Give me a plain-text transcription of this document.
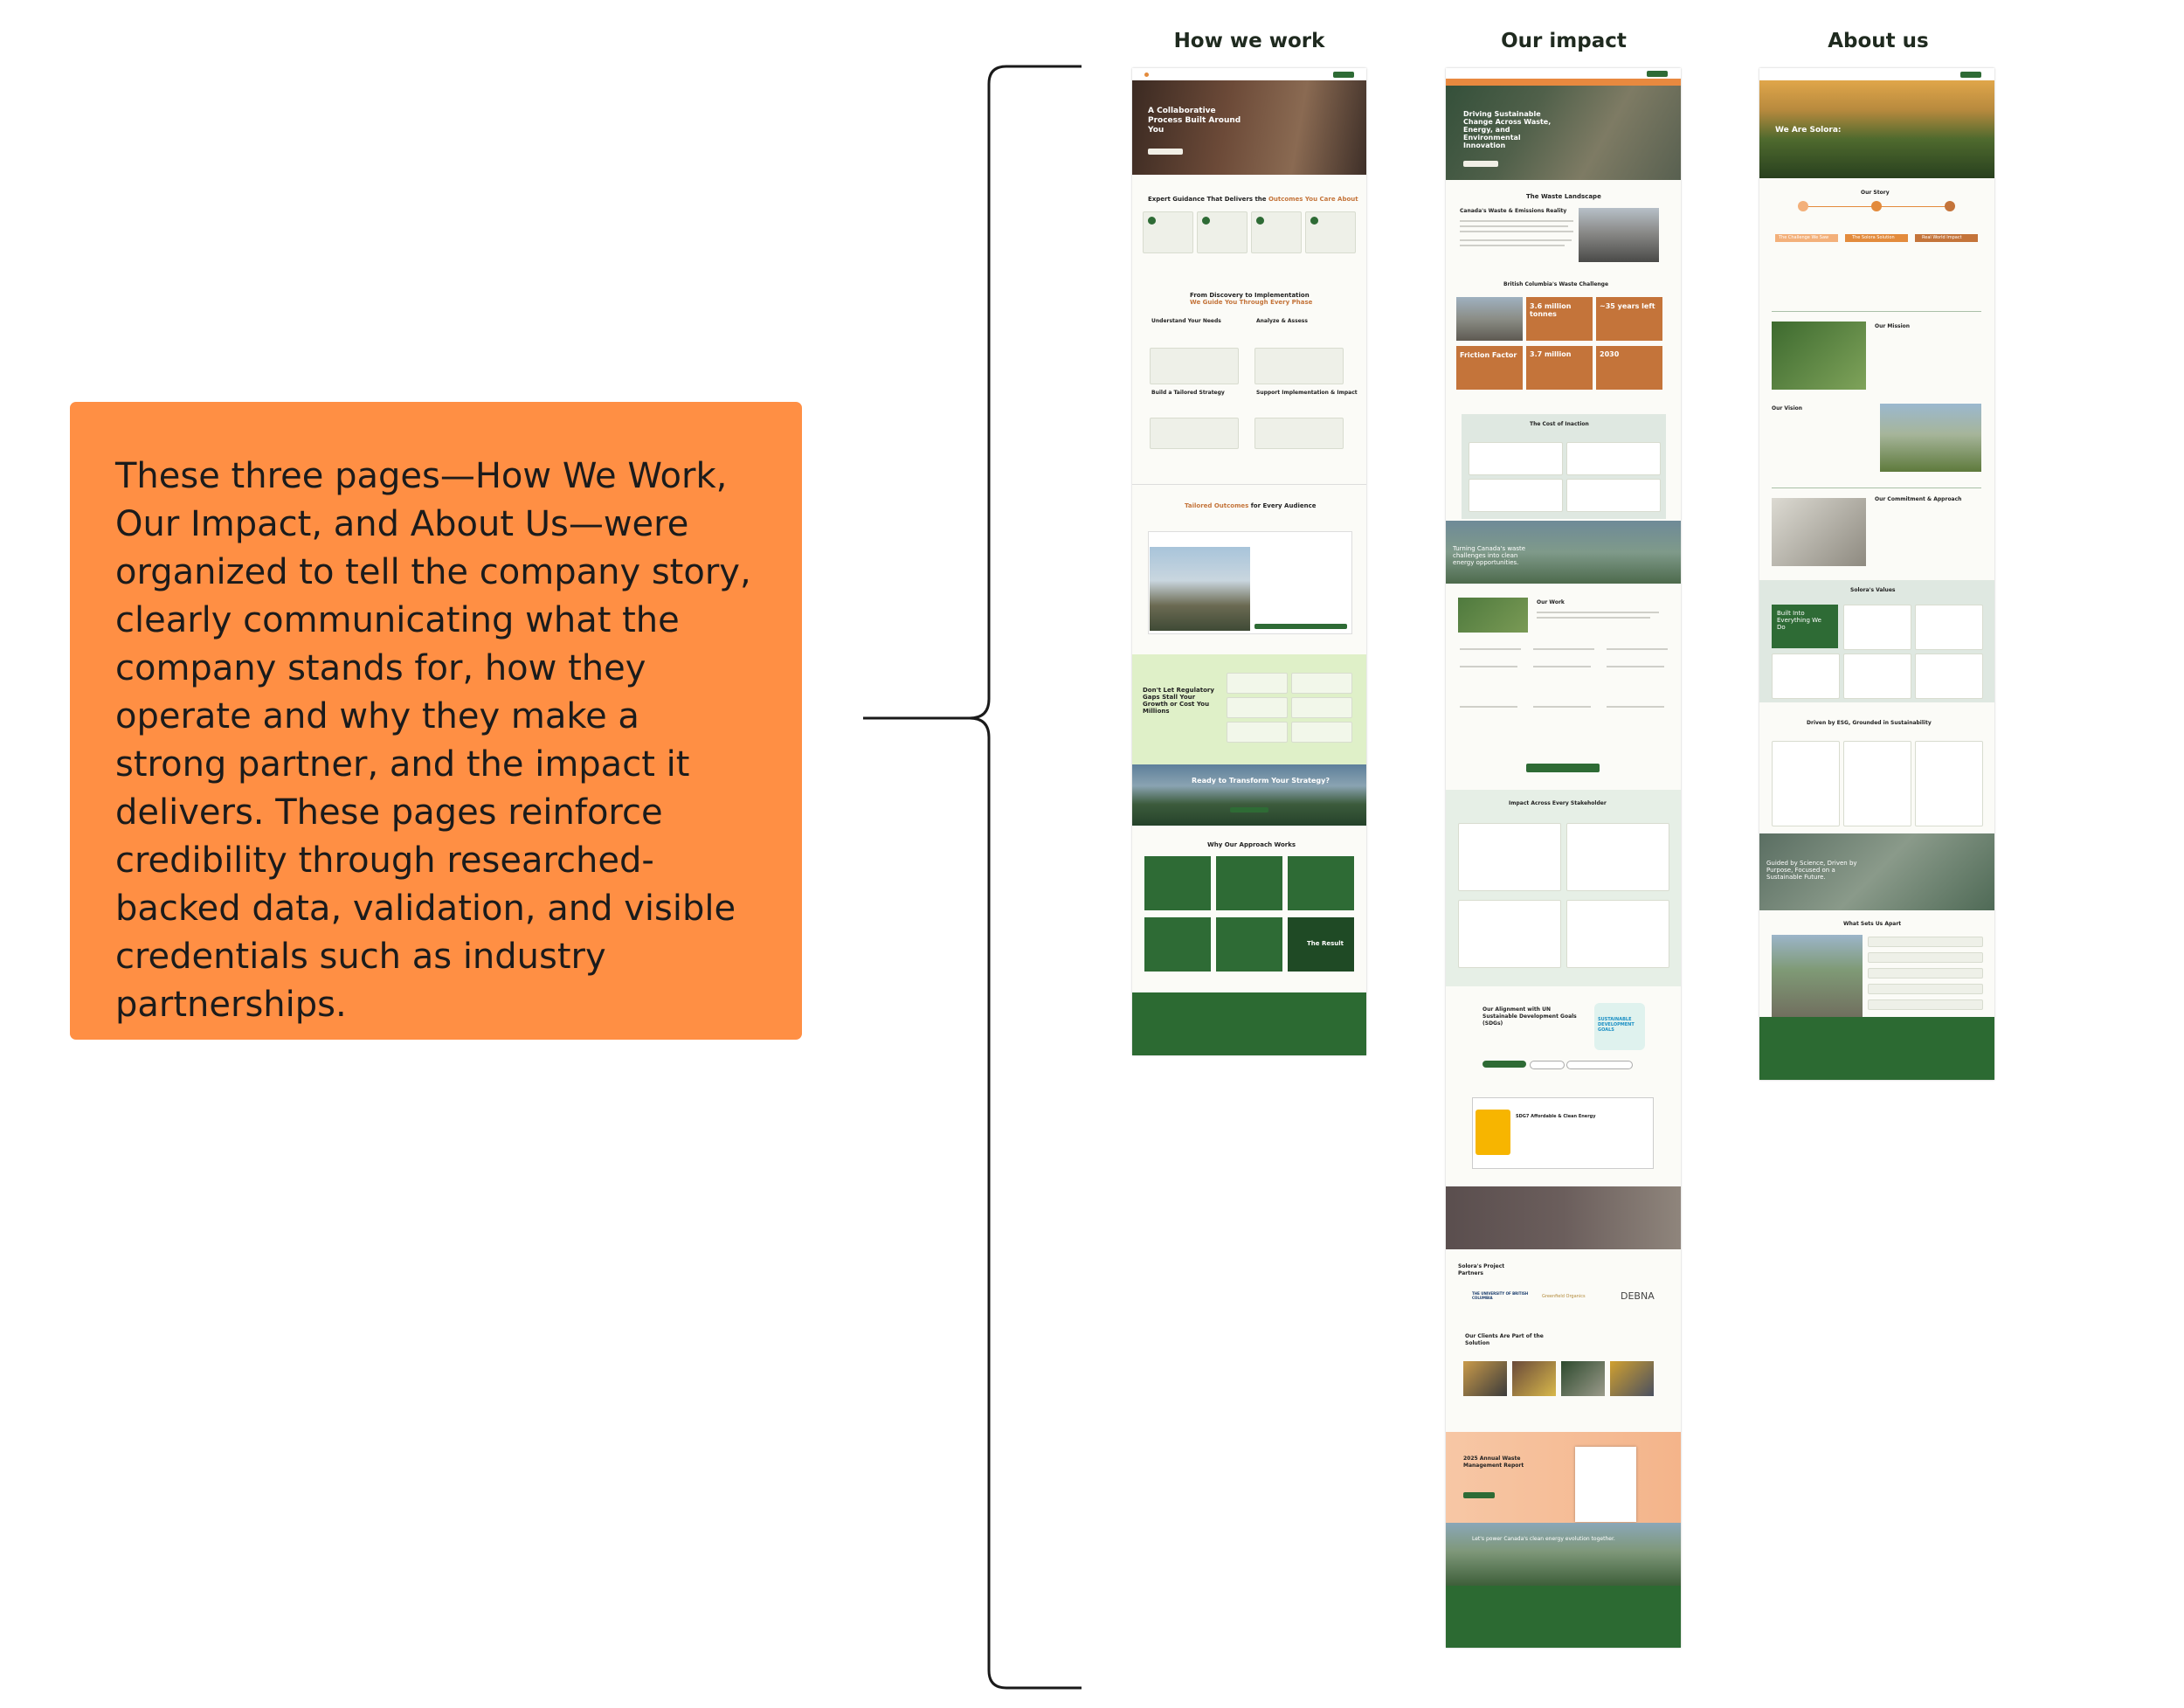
How we work	Our impact	About us

These three pages—How We Work, Our Impact, and About Us—were organized to tell the company story, clearly communicating what the company stands for, how they operate and why they make a strong partner, and the impact it delivers. These pages reinforce credibility through researched-backed data, validation, and visible credentials such as industry partnerships.

A Collaborative Process Built Around You
Expert Guidance That Delivers the Outcomes You Care About
From Discovery to Implementation
We Guide You Through Every Phase
Understand Your Needs	Analyze & Assess
Build a Tailored Strategy	Support Implementation & Impact
Tailored Outcomes for Every Audience
Don't Let Regulatory Gaps Stall Your Growth or Cost You Millions
Ready to Transform Your Strategy?
Why Our Approach Works
The Result
Driving Sustainable Change Across Waste, Energy, and Environmental Innovation
The Waste Landscape
Canada's Waste & Emissions Reality
British Columbia's Waste Challenge
3.6 million tonnes
~35 years left
Friction Factor 3.7 million	2030
The Cost of Inaction
Turning Canada's waste challenges into clean energy opportunities.
Our Work
Impact Across Every Stakeholder
Our Alignment with UN Sustainable Development Goals (SDGs)
SUSTAINABLE DEVELOPMENT GOALS
SDG7 Affordable & Clean Energy
Solora's Project Partners
THE UNIVERSITY OF BRITISH COLUMBIA	Greenfield Organics	DEBNA
Our Clients Are Part of the Solution
2025 Annual Waste Management Report
Let's power Canada's clean energy evolution together.
We Are Solora:
Our Story
The Challenge We Saw	The Solora Solution	Real World Impact
Our Mission
Our Vision
Our Commitment & Approach
Solora's Values
Built Into Everything We Do
Driven by ESG, Grounded in Sustainability
Guided by Science, Driven by Purpose, Focused on a Sustainable Future.
What Sets Us Apart
